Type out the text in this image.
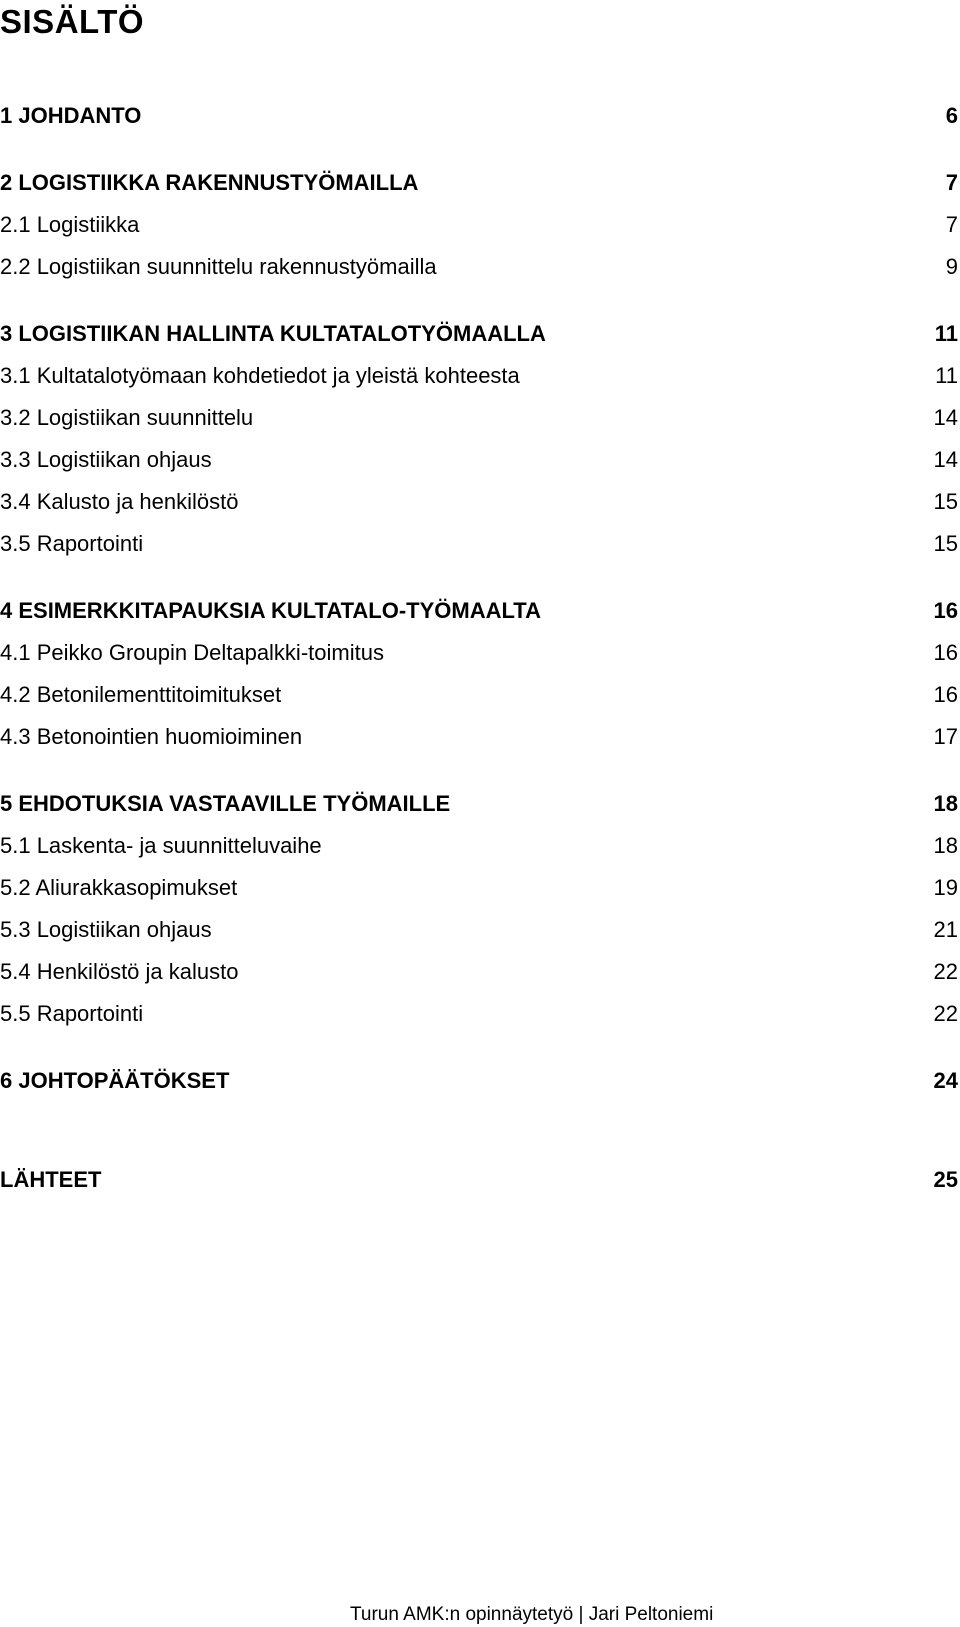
SISÄLTÖ
1 JOHDANTO	6
2 LOGISTIIKKA RAKENNUSTYÖMAILLA	7
2.1 Logistiikka	7
2.2 Logistiikan suunnittelu rakennustyömailla	9
3 LOGISTIIKAN HALLINTA KULTATALOTYÖMAALLA	11
3.1 Kultatalotyömaan kohdetiedot ja yleistä kohteesta	11
3.2 Logistiikan suunnittelu	14
3.3 Logistiikan ohjaus	14
3.4 Kalusto ja henkilöstö	15
3.5 Raportointi	15
4 ESIMERKKITAPAUKSIA KULTATALO-TYÖMAALTA	16
4.1 Peikko Groupin Deltapalkki-toimitus	16
4.2 Betonilementtitoimitukset	16
4.3 Betonointien huomioiminen	17
5 EHDOTUKSIA VASTAAVILLE TYÖMAILLE	18
5.1 Laskenta- ja suunnitteluvaihe	18
5.2 Aliurakkasopimukset	19
5.3 Logistiikan ohjaus	21
5.4 Henkilöstö ja kalusto	22
5.5 Raportointi	22
6 JOHTOPÄÄTÖKSET	24
LÄHTEET	25
Turun AMK:n opinnäytetyö | Jari Peltoniemi
